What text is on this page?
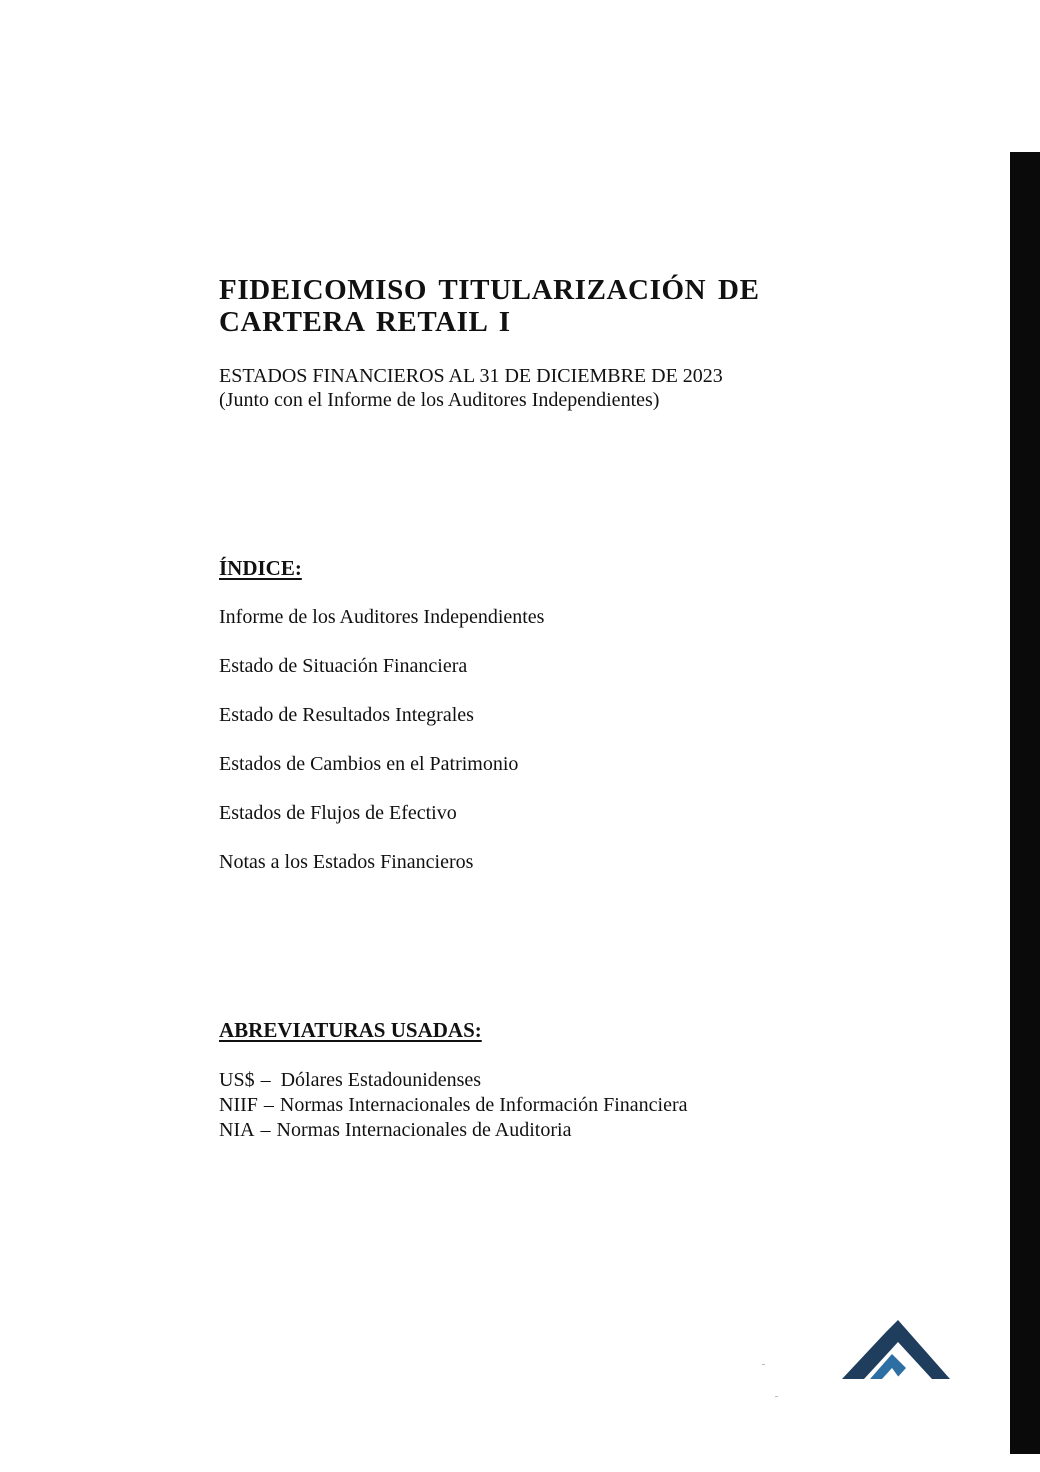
FIDEICOMISO TITULARIZACIÓN DE
CARTERA RETAIL I

ESTADOS FINANCIEROS AL 31 DE DICIEMBRE DE 2023
(Junto con el Informe de los Auditores Independientes)

ÍNDICE:
Informe de los Auditores Independientes
Estado de Situación Financiera
Estado de Resultados Integrales
Estados de Cambios en el Patrimonio
Estados de Flujos de Efectivo
Notas a los Estados Financieros
ABREVIATURAS USADAS:
US$ – Dólares Estadounidenses
NIIF – Normas Internacionales de Información Financiera
NIA – Normas Internacionales de Auditoria
